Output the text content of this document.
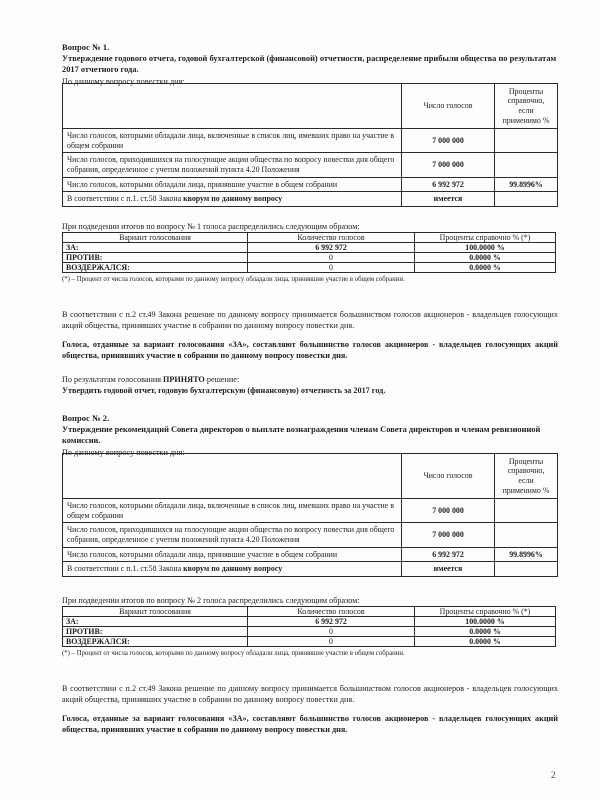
Вопрос № 1.

Утверждение годового отчета, годовой бухгалтерской (финансовой) отчетности, распределение прибыли общества по результатам 2017 отчетного года.

По данному вопросу повестки дня:

	Число голосов	Проценты справочно, если применимо %
Число голосов, которыми обладали лица, включенные в список лиц, имевших право на участие в общем собрании	7 000 000	
Число голосов, приходившихся на голосующие акции общества по вопросу повестки дня общего собрания, определенное с учетом положений пункта 4.20 Положения	7 000 000	
Число голосов, которыми обладали лица, принявшие участие в общем собрании	6 992 972	99.8996%
В соответствии с п.1. ст.58 Закона кворум по данному вопросу	имеется	

При подведении итогов по вопросу № 1 голоса распределились следующим образом:

Вариант голосования	Количество голосов	Проценты справочно % (*)
ЗА:	6 992 972	100.0000 %
ПРОТИВ:	0	0.0000 %
ВОЗДЕРЖАЛСЯ:	0	0.0000 %

(*) – Процент от числа голосов, которыми по данному вопросу обладали лица, принявшие участие в общем собрании.

В соответствии с п.2 ст.49 Закона решение по данному вопросу принимается большинством голосов акционеров - владельцев голосующих акций общества, принявших участие в собрании по данному вопросу повестки дня.

Голоса, отданные за вариант голосования «ЗА», составляют большинство голосов акционеров - владельцев голосующих акций общества, принявших участие в собрании по данному вопросу повестки дня.

По результатам голосования ПРИНЯТО решение:

Утвердить годовой отчет, годовую бухгалтерскую (финансовую) отчетность за 2017 год.

Вопрос № 2.

Утверждение рекомендаций Совета директоров о выплате вознаграждения членам Совета директоров и членам ревизионной комиссии.

По данному вопросу повестки дня:

	Число голосов	Проценты справочно, если применимо %
Число голосов, которыми обладали лица, включенные в список лиц, имевших право на участие в общем собрании	7 000 000	
Число голосов, приходившихся на голосующие акции общества по вопросу повестки дня общего собрания, определенное с учетом положений пункта 4.20 Положения	7 000 000	
Число голосов, которыми обладали лица, принявшие участие в общем собрании	6 992 972	99.8996%
В соответствии с п.1. ст.58 Закона кворум по данному вопросу	имеется	

При подведении итогов по вопросу № 2 голоса распределились следующим образом:

Вариант голосования	Количество голосов	Проценты справочно % (*)
ЗА:	6 992 972	100.0000 %
ПРОТИВ:	0	0.0000 %
ВОЗДЕРЖАЛСЯ:	0	0.0000 %

(*) – Процент от числа голосов, которыми по данному вопросу обладали лица, принявшие участие в общем собрании.

В соответствии с п.2 ст.49 Закона решение по данному вопросу принимается большинством голосов акционеров - владельцев голосующих акций общества, принявших участие в собрании по данному вопросу повестки дня.

Голоса, отданные за вариант голосования «ЗА», составляют большинство голосов акционеров - владельцев голосующих акций общества, принявших участие в собрании по данному вопросу повестки дня.

2
